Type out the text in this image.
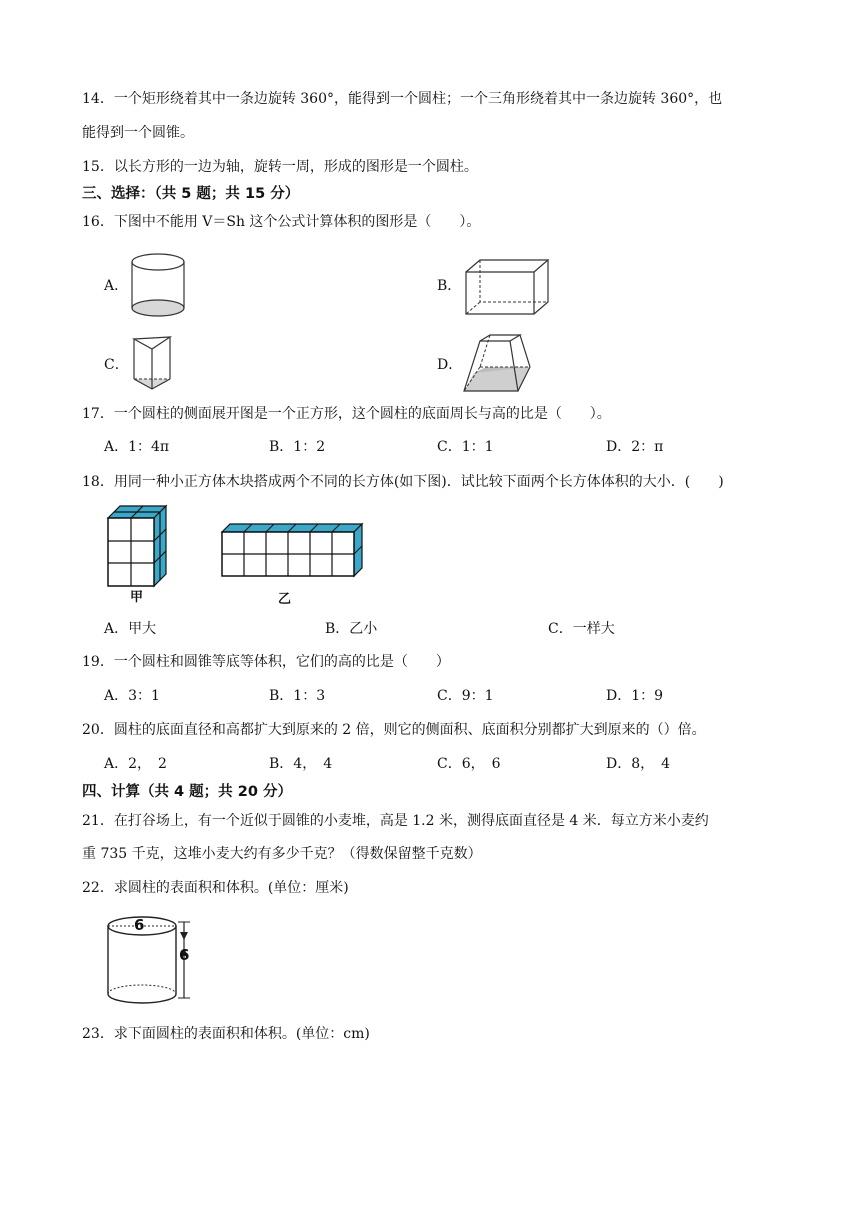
14．一个矩形绕着其中一条边旋转 360°，能得到一个圆柱；一个三角形绕着其中一条边旋转 360°，也
能得到一个圆锥。
15．以长方形的一边为轴，旋转一周，形成的图形是一个圆柱。
三、选择：（共 5 题；共 15 分）
16．下图中不能用 V＝Sh 这个公式计算体积的图形是（　　）。
A．	B．
C．	D．
17．一个圆柱的侧面展开图是一个正方形，这个圆柱的底面周长与高的比是（　　）。
A．1：4π	B．1：2	C．1：1	D．2：π
18．用同一种小正方体木块搭成两个不同的长方体(如下图)．试比较下面两个长方体体积的大小．(　　)
甲	乙
A．甲大	B．乙小	C．一样大
19．一个圆柱和圆锥等底等体积，它们的高的比是（　　）
A．3：1	B．1：3	C．9：1	D．1：9
20．圆柱的底面直径和高都扩大到原来的 2 倍，则它的侧面积、底面积分别都扩大到原来的（）倍。
A．2，　2	B．4，　4	C．6，　6	D．8，　4
四、计算（共 4 题；共 20 分）
21．在打谷场上，有一个近似于圆锥的小麦堆，高是 1.2 米，测得底面直径是 4 米．每立方米小麦约
重 735 千克，这堆小麦大约有多少千克？（得数保留整千克数）
22．求圆柱的表面积和体积。(单位：厘米)
6
6
23．求下面圆柱的表面积和体积。(单位：cm)
